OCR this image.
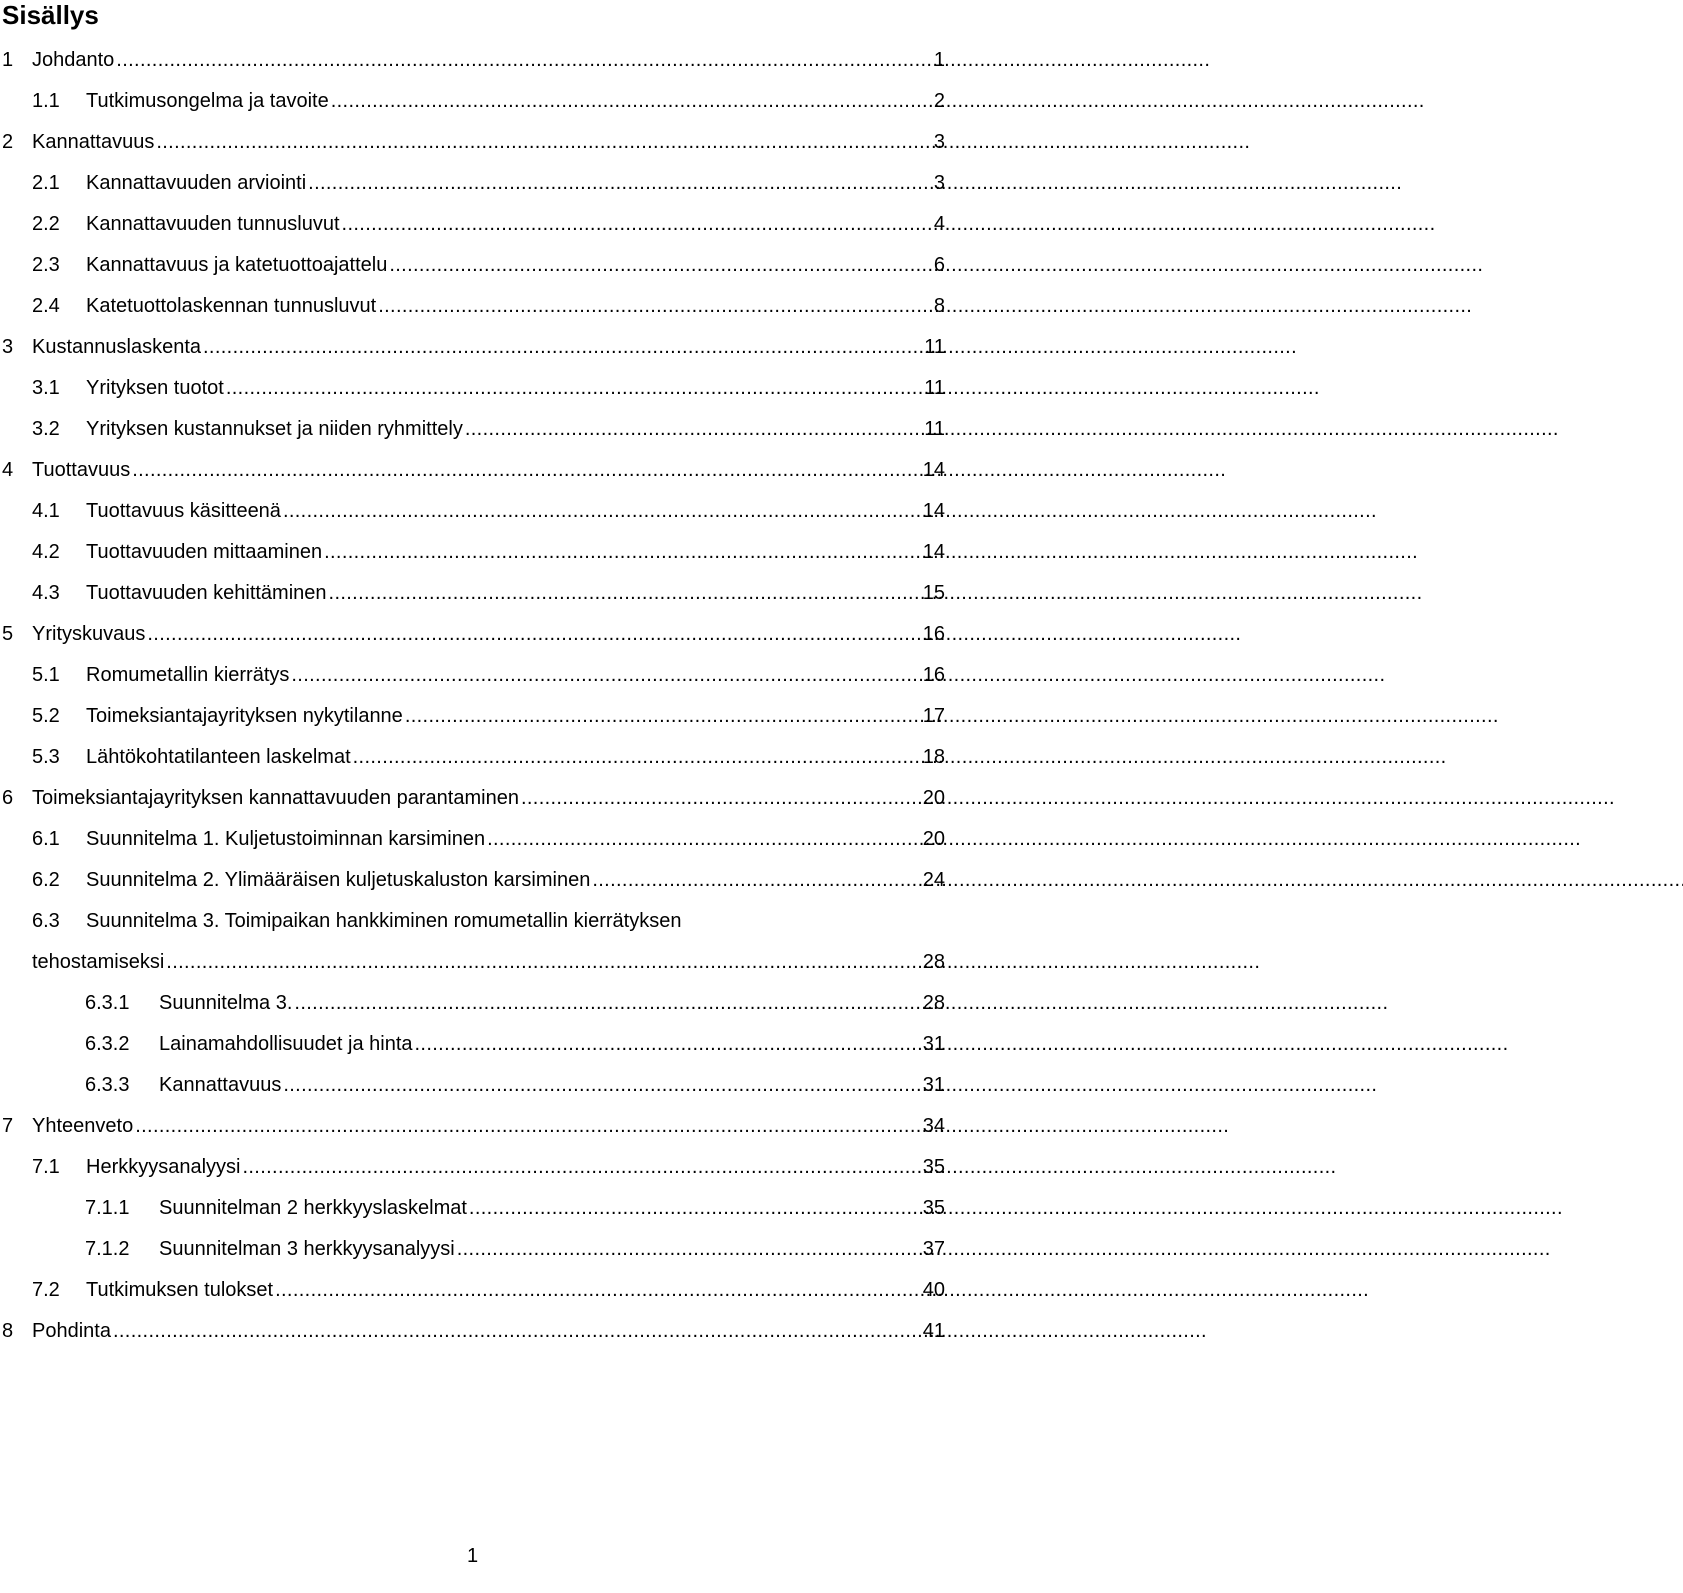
Sisällys
1 Johdanto . . .	1
1.1	Tutkimusongelma ja tavoite . . .	2
2 Kannattavuus . . .	3
2.1	Kannattavuuden arviointi . . .	3
2.2	Kannattavuuden tunnusluvut . . .	4
2.3	Kannattavuus ja katetuottoajattelu . . .	6
2.4	Katetuottolaskennan tunnusluvut . . .	8
3 Kustannuslaskenta . . .	11
3.1	Yrityksen tuotot . . .	11
3.2	Yrityksen kustannukset ja niiden ryhmittely . . .	11
4 Tuottavuus . . .	14
4.1	Tuottavuus käsitteenä . . .	14
4.2	Tuottavuuden mittaaminen . . .	14
4.3	Tuottavuuden kehittäminen . . .	15
5 Yrityskuvaus . . .	16
5.1	Romumetallin kierrätys . . .	16
5.2	Toimeksiantajayrityksen nykytilanne . . .	17
5.3	Lähtökohtatilanteen laskelmat . . .	18
6 Toimeksiantajayrityksen kannattavuuden parantaminen . . .	20
6.1	Suunnitelma 1. Kuljetustoiminnan karsiminen . . .	20
6.2	Suunnitelma 2. Ylimääräisen kuljetuskaluston karsiminen . . .	24
6.3	Suunnitelma 3. Toimipaikan hankkiminen romumetallin kierrätyksen
tehostamiseksi . . .	28
6.3.1	Suunnitelma 3. . . .	28
6.3.2	Lainamahdollisuudet ja hinta . . .	31
6.3.3	Kannattavuus . . .	31
7 Yhteenveto . . .	34
7.1	Herkkyysanalyysi . . .	35
7.1.1	Suunnitelman 2 herkkyyslaskelmat . . .	35
7.1.2	Suunnitelman 3 herkkyysanalyysi . . .	37
7.2	Tutkimuksen tulokset . . .	40
8 Pohdinta . . .	41
1
